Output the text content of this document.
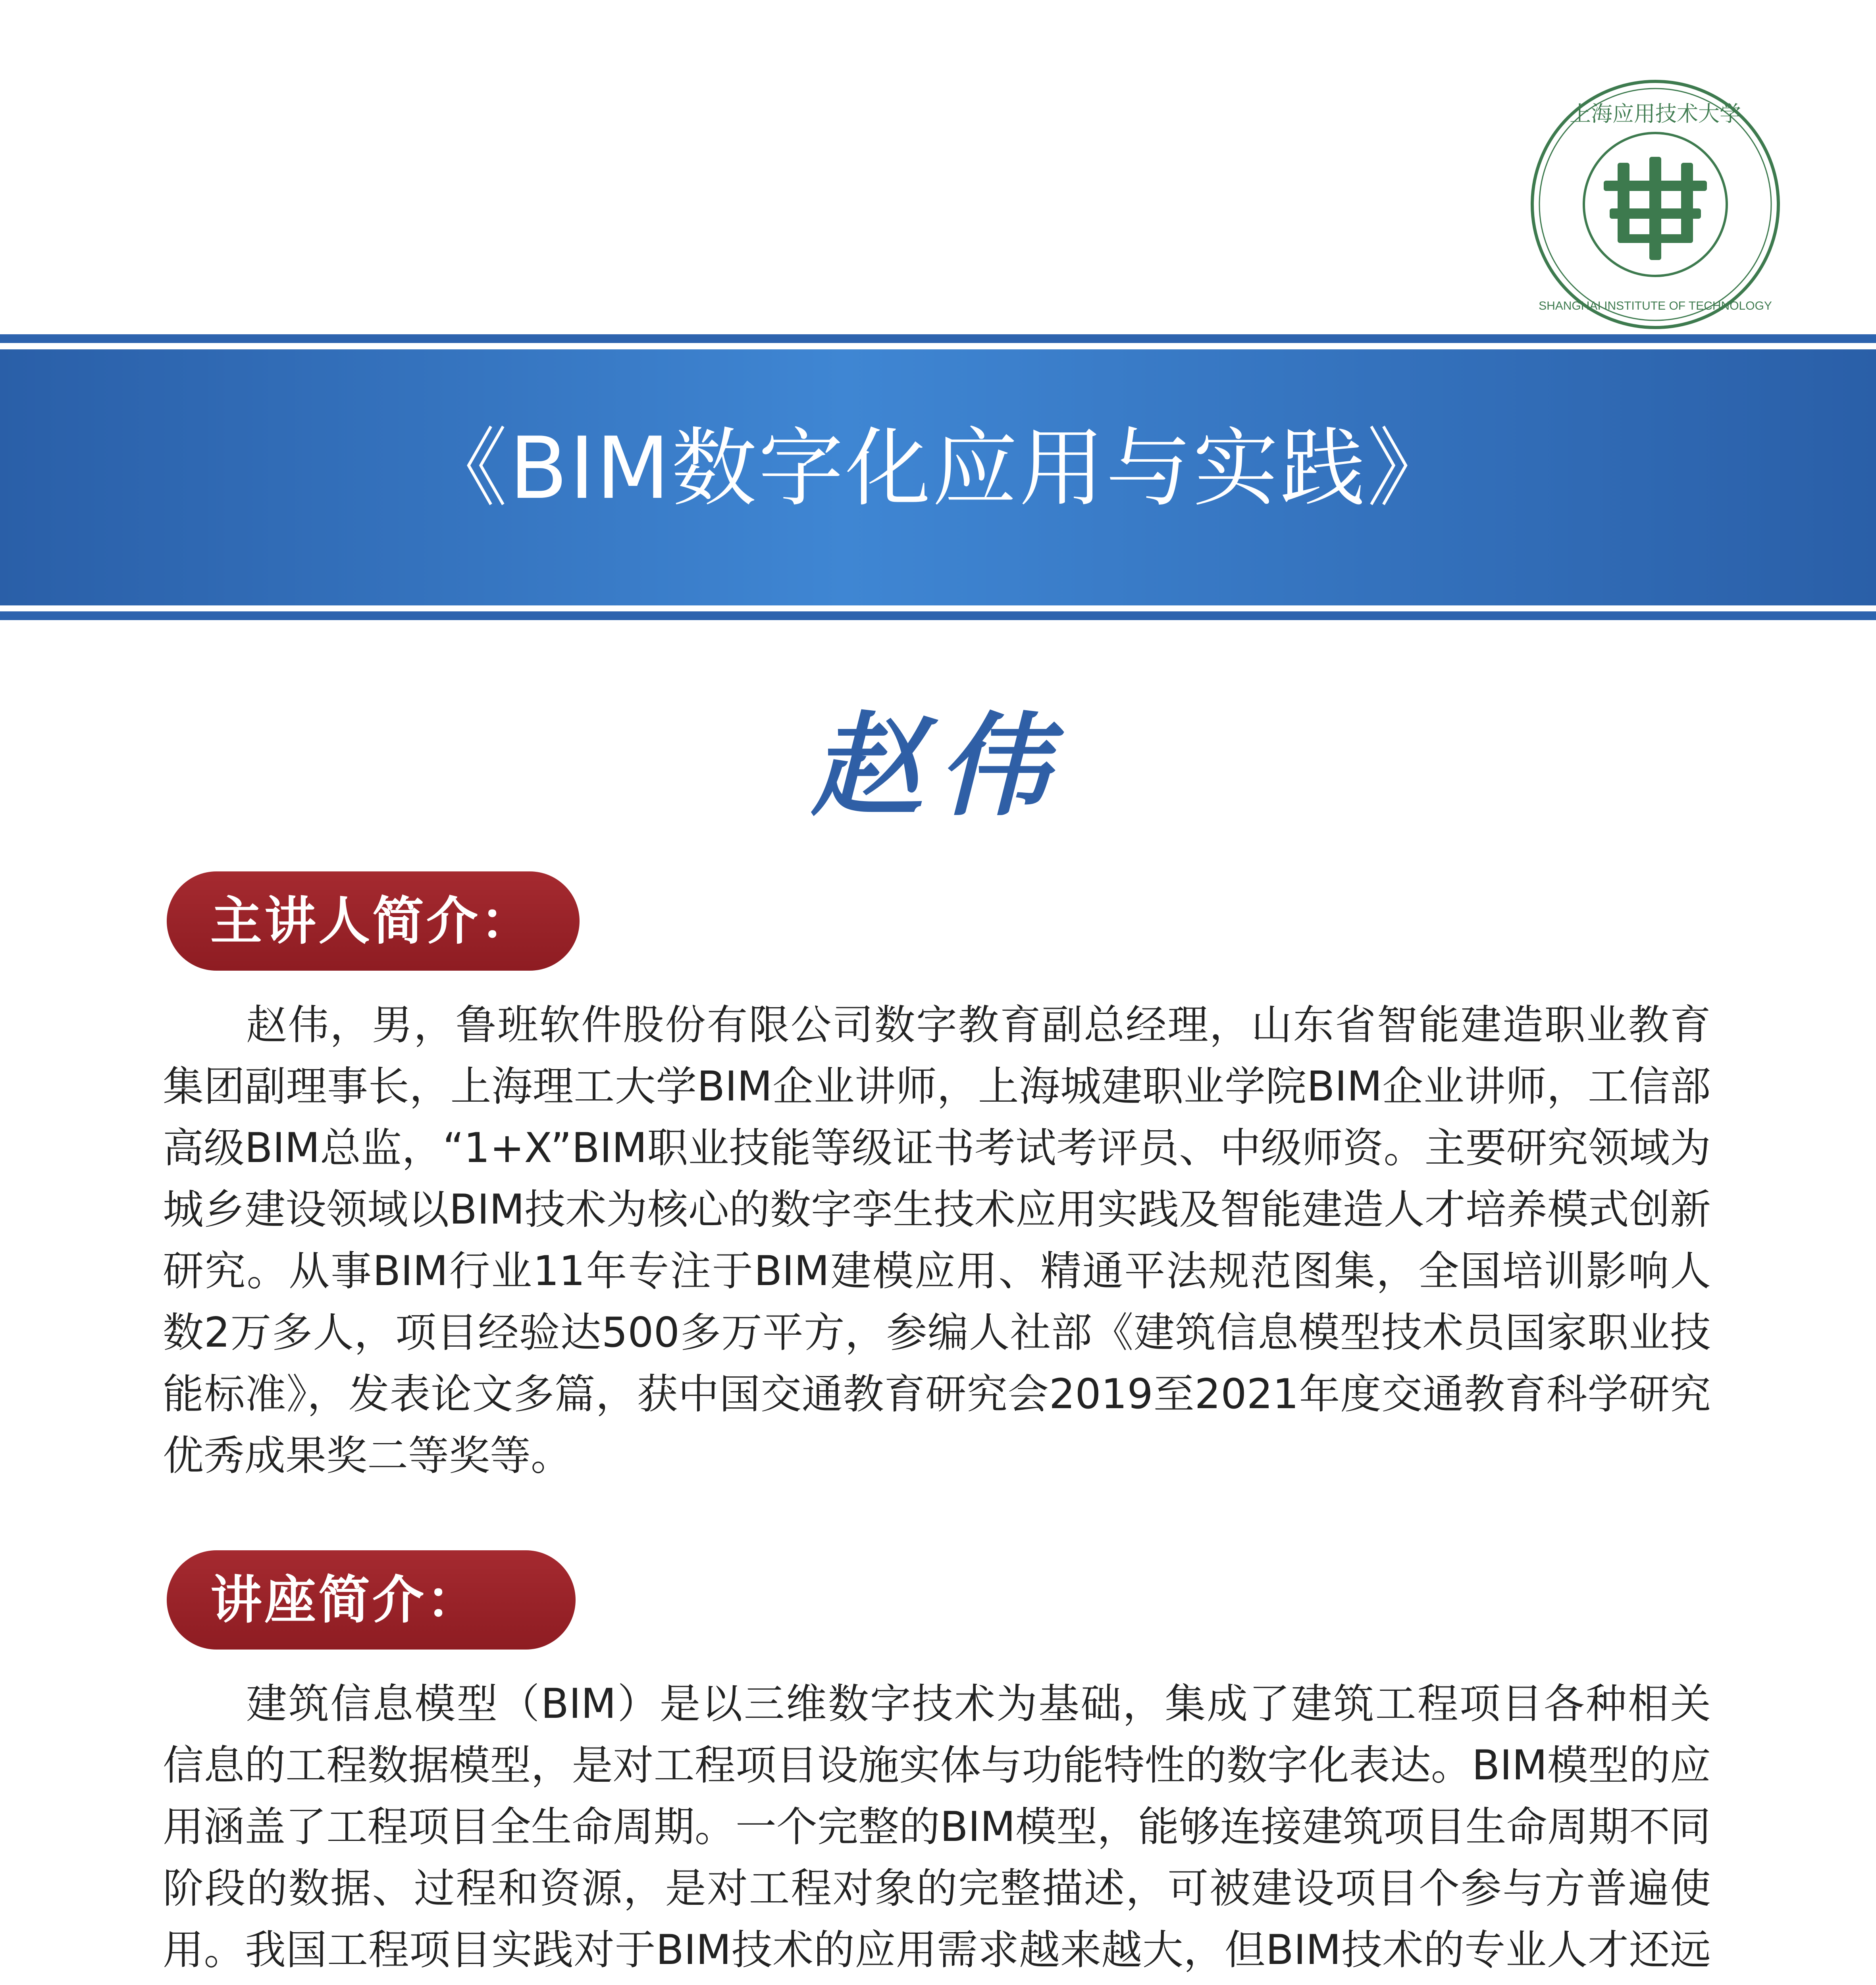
上海应用技术大学
SHANGHAI INSTITUTE OF TECHNOLOGY
《BIM数字化应用与实践》
赵伟
主讲人简介：

赵伟，男，鲁班软件股份有限公司数字教育副总经理，山东省智能建造职业教育集团副理事长，上海理工大学BIM企业讲师，上海城建职业学院BIM企业讲师，工信部高级BIM总监，“1+X”BIM职业技能等级证书考试考评员、中级师资。主要研究领域为城乡建设领域以BIM技术为核心的数字孪生技术应用实践及智能建造人才培养模式创新研究。从事BIM行业11年专注于BIM建模应用、精通平法规范图集，全国培训影响人数2万多人，项目经验达500多万平方，参编人社部《建筑信息模型技术员国家职业技能标准》，发表论文多篇，获中国交通教育研究会2019至2021年度交通教育科学研究优秀成果奖二等奖等。

讲座简介：

建筑信息模型（BIM）是以三维数字技术为基础，集成了建筑工程项目各种相关信息的工程数据模型，是对工程项目设施实体与功能特性的数字化表达。BIM模型的应用涵盖了工程项目全生命周期。一个完整的BIM模型，能够连接建筑项目生命周期不同阶段的数据、过程和资源，是对工程对象的完整描述，可被建设项目个参与方普遍使用。我国工程项目实践对于BIM技术的应用需求越来越大，但BIM技术的专业人才还远
